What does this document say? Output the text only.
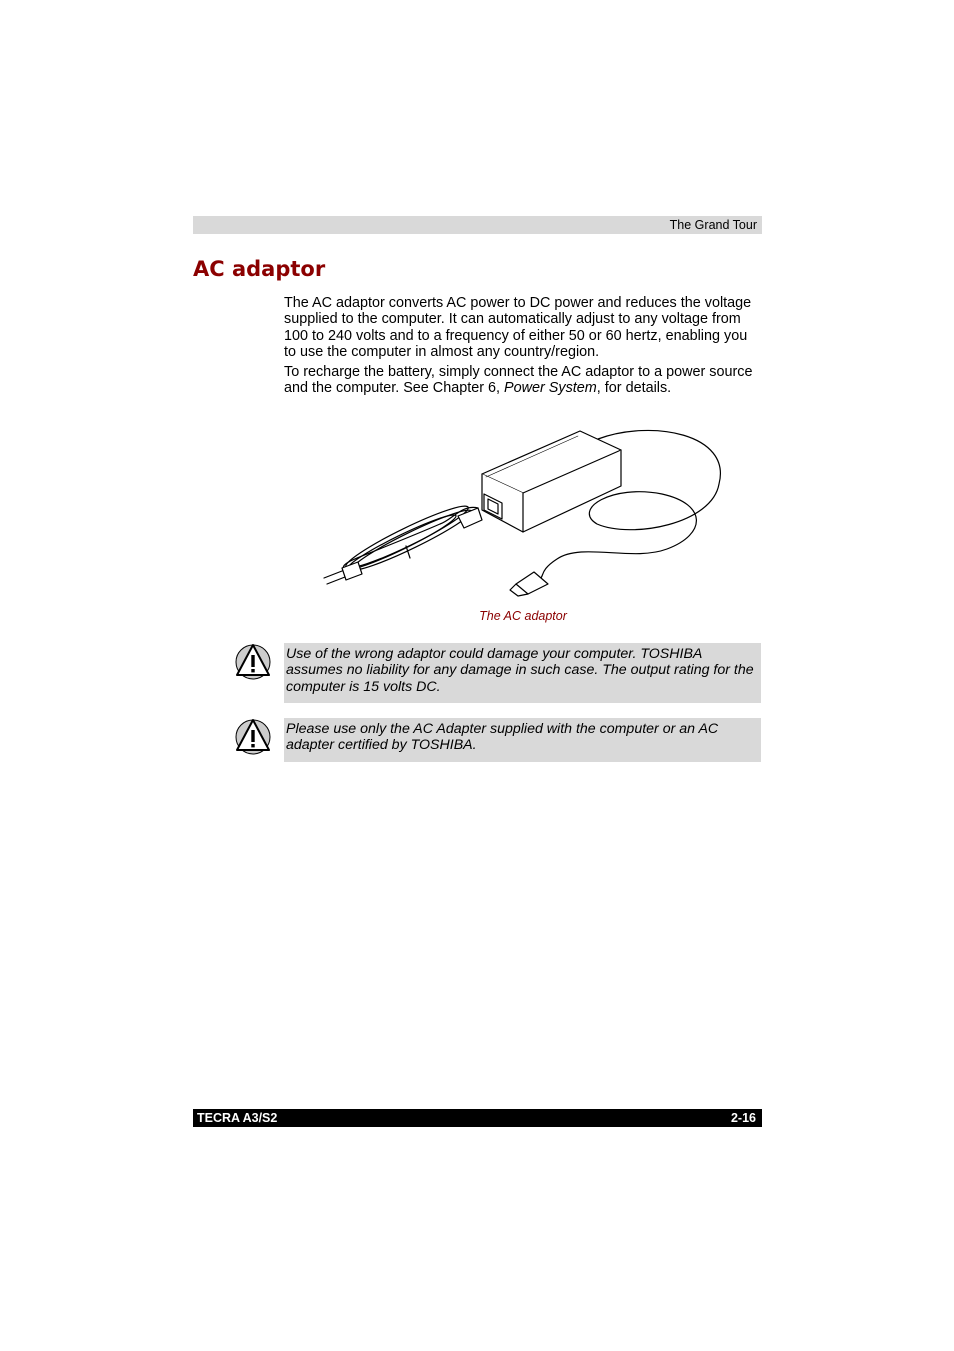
The Grand Tour
AC adaptor

The AC adaptor converts AC power to DC power and reduces the voltage supplied to the computer. It can automatically adjust to any voltage from 100 to 240 volts and to a frequency of either 50 or 60 hertz, enabling you to use the computer in almost any country/region.

To recharge the battery, simply connect the AC adaptor to a power source and the computer. See Chapter 6, Power System, for details.

The AC adaptor

Use of the wrong adaptor could damage your computer. TOSHIBA assumes no liability for any damage in such case. The output rating for the computer is 15 volts DC.

Please use only the AC Adapter supplied with the computer or an AC adapter certified by TOSHIBA.

TECRA A3/S2	2-16
